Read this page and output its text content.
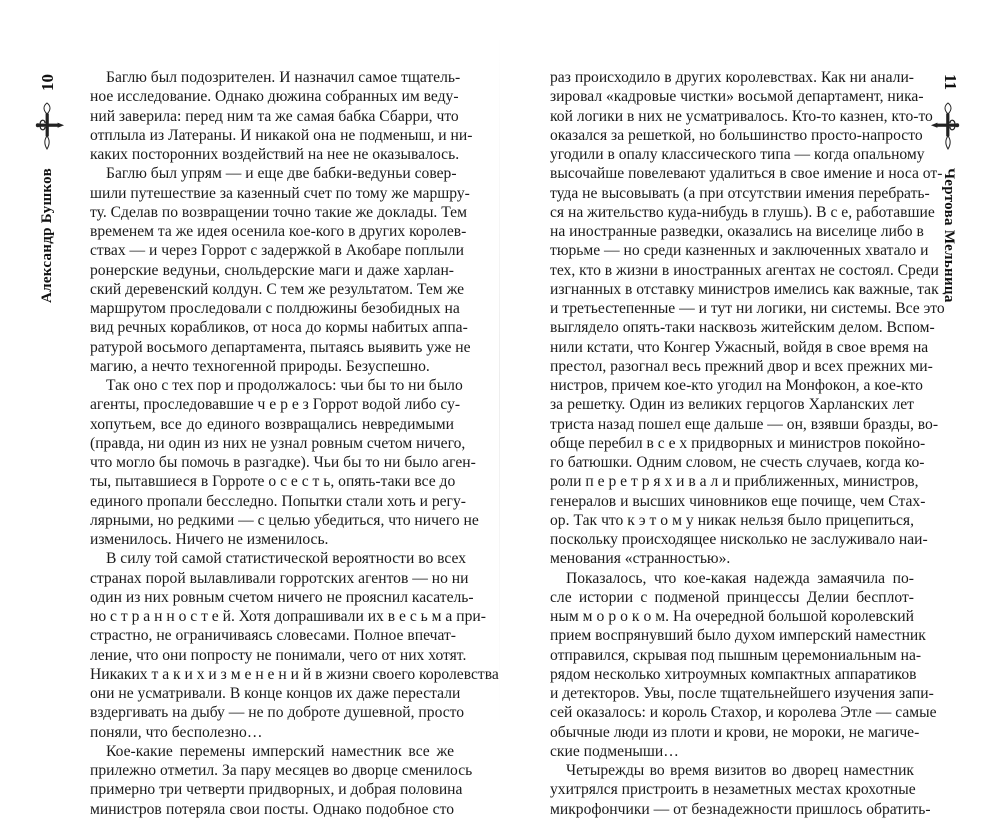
10
Александр Бушков
11
Чертова Мельница
Баглю был подозрителен. И назначил самое тщатель-
ное исследование. Однако дюжина собранных им веду-
ний заверила: перед ним та же самая бабка Сбарри, что
отплыла из Латераны. И никакой она не подменыш, и ни-
каких посторонних воздействий на нее не оказывалось.
Баглю был упрям — и еще две бабки-ведуньи совер-
шили путешествие за казенный счет по тому же маршру-
ту. Сделав по возвращении точно такие же доклады. Тем
временем та же идея осенила кое-кого в других королев-
ствах — и через Горрот с задержкой в Акобаре поплыли
ронерские ведуньи, снольдерские маги и даже харлан-
ский деревенский колдун. С тем же результатом. Тем же
маршрутом проследовали с полдюжины безобидных на
вид речных корабликов, от носа до кормы набитых аппа-
ратурой восьмого департамента, пытаясь выявить уже не
магию, а нечто техногенной природы. Безуспешно.
Так оно с тех пор и продолжалось: чьи бы то ни было
агенты, проследовавшие ч е р е з Горрот водой либо су-
хопутьем, все до единого возвращались невредимыми
(правда, ни один из них не узнал ровным счетом ничего,
что могло бы помочь в разгадке). Чьи бы то ни было аген-
ты, пытавшиеся в Горроте о с е с т ь, опять-таки все до
единого пропали бесследно. Попытки стали хоть и регу-
лярными, но редкими — с целью убедиться, что ничего не
изменилось. Ничего не изменилось.
В силу той самой статистической вероятности во всех
странах порой вылавливали горротских агентов — но ни
один из них ровным счетом ничего не прояснил касатель-
но с т р а н н о с т е й. Хотя допрашивали их в е с ь м а при-
страстно, не ограничиваясь словесами. Полное впечат-
ление, что они попросту не понимали, чего от них хотят.
Никаких т а к и х и з м е н е н и й в жизни своего королевства
они не усматривали. В конце концов их даже перестали
вздергивать на дыбу — не по доброте душевной, просто
поняли, что бесполезно…
Кое-какие перемены имперский наместник все же
прилежно отметил. За пару месяцев во дворце сменилось
примерно три четверти придворных, и добрая половина
министров потеряла свои посты. Однако подобное сто
раз происходило в других королевствах. Как ни анали-
зировал «кадровые чистки» восьмой департамент, ника-
кой логики в них не усматривалось. Кто-то казнен, кто-то
оказался за решеткой, но большинство просто-напросто
угодили в опалу классического типа — когда опальному
высочайше повелевают удалиться в свое имение и носа от-
туда не высовывать (а при отсутствии имения перебрать-
ся на жительство куда-нибудь в глушь). В с е, работавшие
на иностранные разведки, оказались на виселице либо в
тюрьме — но среди казненных и заключенных хватало и
тех, кто в жизни в иностранных агентах не состоял. Среди
изгнанных в отставку министров имелись как важные, так
и третьестепенные — и тут ни логики, ни системы. Все это
выглядело опять-таки насквозь житейским делом. Вспом-
нили кстати, что Конгер Ужасный, войдя в свое время на
престол, разогнал весь прежний двор и всех прежних ми-
нистров, причем кое-кто угодил на Монфокон, а кое-кто
за решетку. Один из великих герцогов Харланских лет
триста назад пошел еще дальше — он, взявши бразды, во-
обще перебил в с е х придворных и министров покойно-
го батюшки. Одним словом, не счесть случаев, когда ко-
роли п е р е т р я х и в а л и приближенных, министров,
генералов и высших чиновников еще почище, чем Стах-
ор. Так что к э т о м у никак нельзя было прицепиться,
поскольку происходящее нисколько не заслуживало наи-
менования «странностью».
Показалось, что кое-какая надежда замаячила по-
сле истории с подменой принцессы Делии бесплот-
ным м о р о к о м. На очередной большой королевский
прием воспрянувший было духом имперский наместник
отправился, скрывая под пышным церемониальным на-
рядом несколько хитроумных компактных аппаратиков
и детекторов. Увы, после тщательнейшего изучения запи-
сей оказалось: и король Стахор, и королева Этле — самые
обычные люди из плоти и крови, не мороки, не магиче-
ские подменыши…
Четырежды во время визитов во дворец наместник
ухитрялся пристроить в незаметных местах крохотные
микрофончики — от безнадежности пришлось обратить-
